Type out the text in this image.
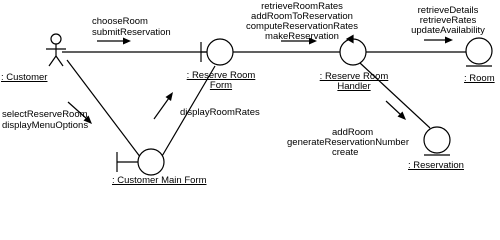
chooseRoom
submitReservation
selectReserveRoom
displayMenuOptions
displayRoomRates
retrieveRoomRates
addRoomToReservation
computeReservationRates
makeReservation
retrieveDetails
retrieveRates
updateAvailability
addRoom
generateReservationNumber
create
: Customer
: Customer Main Form
: Reserve Room Form
: Reserve Room Handler
: Room
: Reservation
